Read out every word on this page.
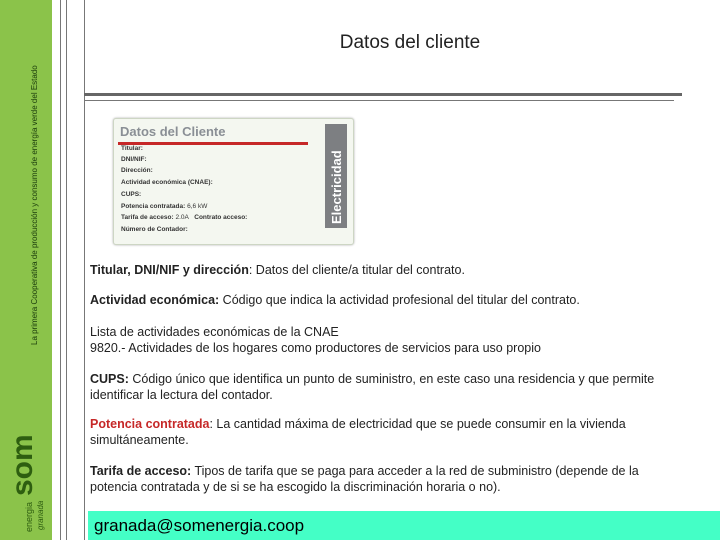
La primera Cooperativa de producción y consumo de energía verde del Estado
som
energia granada
Datos del cliente
Datos del Cliente
Titular:
DNI/NIF:
Dirección:
Actividad económica (CNAE):
CUPS:
Potencia contratada: 6,6 kW
Tarifa de acceso: 2.0A Contrato acceso:
Número de Contador:
Electricidad
Titular, DNI/NIF y dirección: Datos del cliente/a titular del contrato.
Actividad económica: Código que indica la actividad profesional del titular del contrato.
Lista de actividades económicas de la CNAE
9820.- Actividades de los hogares como productores de servicios para uso propio
CUPS: Código único que identifica un punto de suministro, en este caso una residencia y que permite identificar la lectura del contador.
Potencia contratada: La cantidad máxima de electricidad que se puede consumir en la vivienda simultáneamente.
Tarifa de acceso: Tipos de tarifa que se paga para acceder a la red de subministro (depende de la potencia contratada y de si se ha escogido la discriminación horaria o no).
granada@somenergia.coop
